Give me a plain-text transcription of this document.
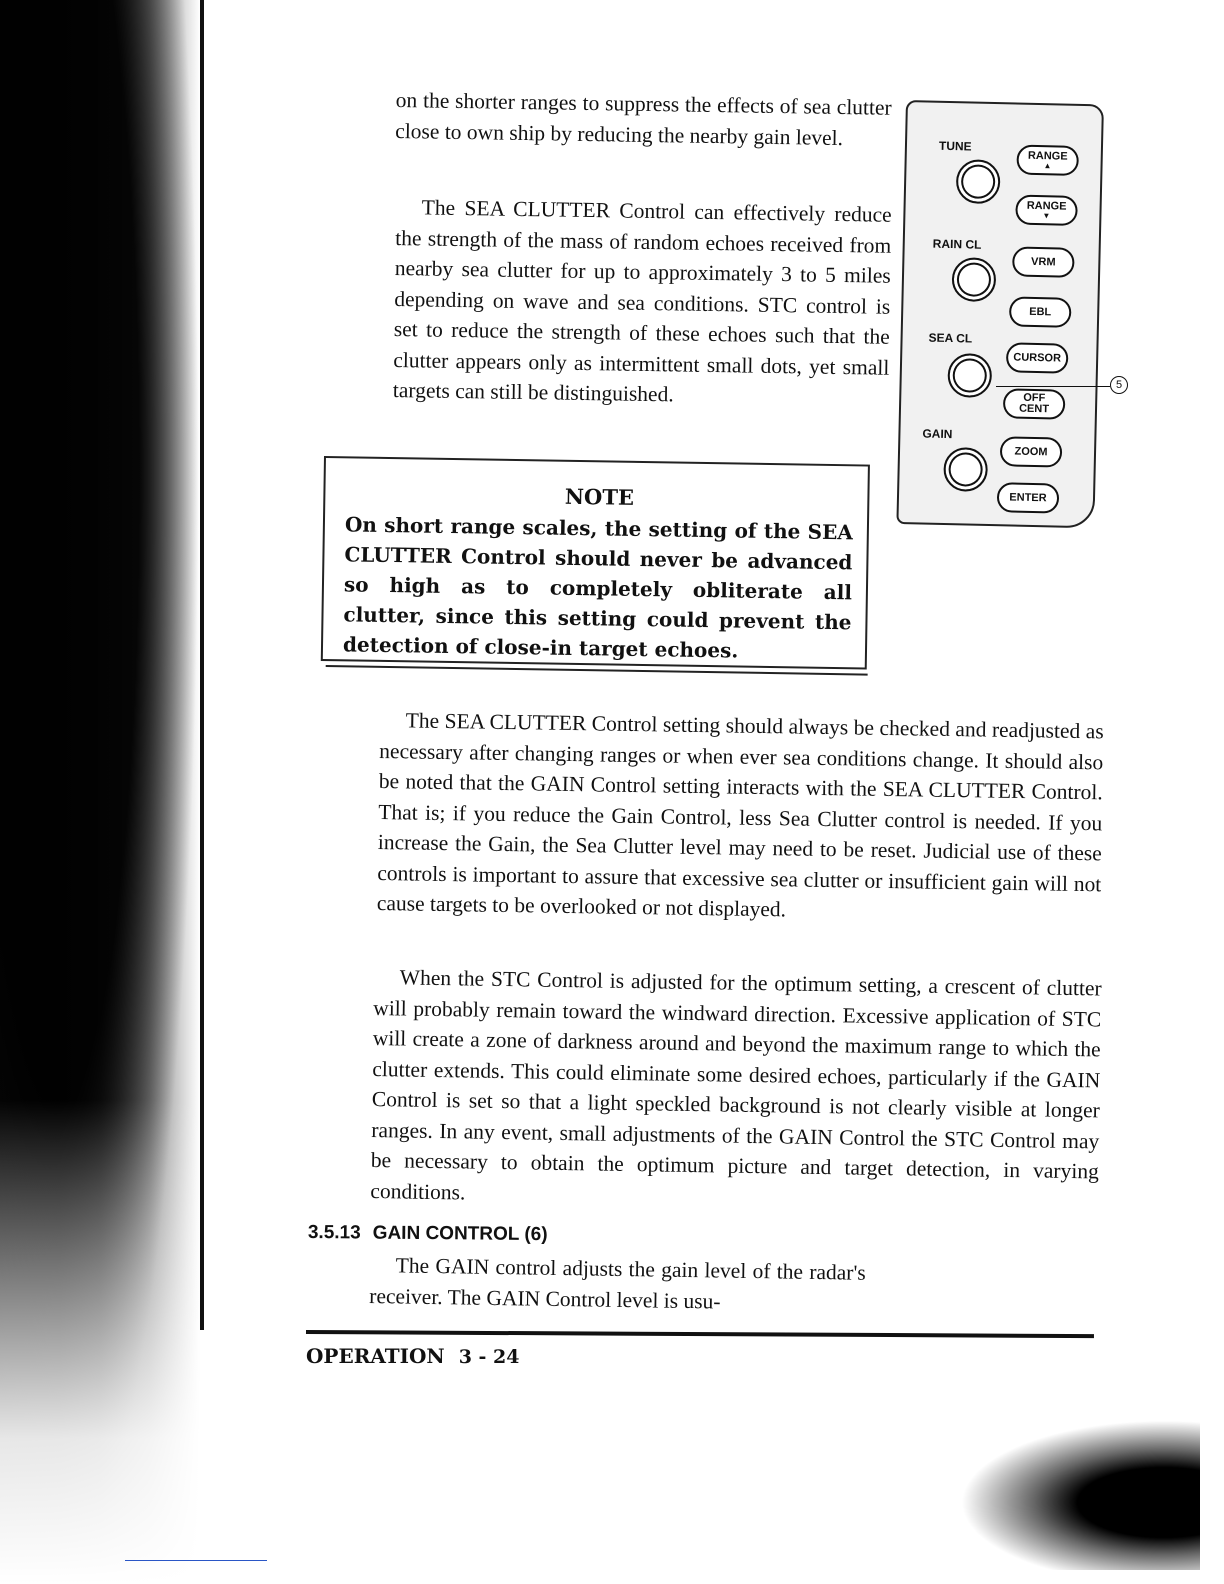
on the shorter ranges to suppress the effects of sea clutter close to own ship by reducing the nearby gain level.

The SEA CLUTTER Control can effectively reduce the strength of the mass of random echoes received from nearby sea clutter for up to approximately 3 to 5 miles depending on wave and sea conditions. STC control is set to reduce the strength of these echoes such that the clutter appears only as intermittent small dots, yet small targets can still be distinguished.

NOTE

On short range scales, the setting of the SEA CLUTTER Control should never be advanced so high as to completely obliterate all clutter, since this setting could prevent the detection of close-in target echoes.

The SEA CLUTTER Control setting should always be checked and readjusted as necessary after changing ranges or when ever sea conditions change. It should also be noted that the GAIN Control setting interacts with the SEA CLUTTER Control. That is; if you reduce the Gain Control, less Sea Clutter control is needed. If you increase the Gain, the Sea Clutter level may need to be reset. Judicial use of these controls is important to assure that excessive sea clutter or insufficient gain will not cause targets to be overlooked or not displayed.

When the STC Control is adjusted for the optimum setting, a crescent of clutter will probably remain toward the windward direction. Excessive application of STC will create a zone of darkness around and beyond the maximum range to which the clutter extends. This could eliminate some desired echoes, particularly if the GAIN Control is set so that a light speckled background is not clearly visible at longer ranges. In any event, small adjustments of the GAIN Control the STC Control may be necessary to obtain the optimum picture and target detection, in varying conditions.

3.5.13 GAIN CONTROL (6)

The GAIN control adjusts the gain level of the radar's receiver. The GAIN Control level is usu-

OPERATION 3 - 24

TUNE
RAIN CL
SEA CL
GAIN
RANGE
▲
RANGE
▼
VRM
EBL
CURSOR
OFF
CENT
ZOOM
ENTER
5
